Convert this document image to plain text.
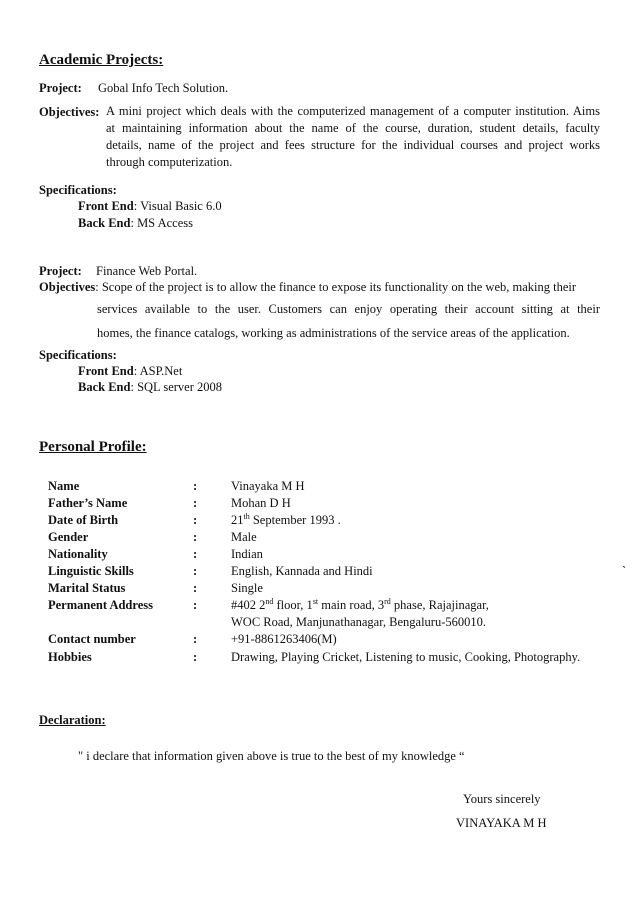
Academic Projects:
Project: Gobal Info Tech Solution.
Objectives: A mini project which deals with the computerized management of a computer institution. Aims
at maintaining information about the name of the course, duration, student details, faculty
details, name of the project and fees structure for the individual courses and project works
through computerization.
Specifications:
Front End: Visual Basic 6.0
Back End: MS Access
Project: Finance Web Portal.
Objectives: Scope of the project is to allow the finance to expose its functionality on the web, making their
services available to the user. Customers can enjoy operating their account sitting at their
homes, the finance catalogs, working as administrations of the service areas of the application.
Specifications:
Front End: ASP.Net
Back End: SQL server 2008
Personal Profile:
Name	:	Vinayaka M H
Father’s Name	:	Mohan D H
Date of Birth	:	21th September 1993 .
Gender	:	Male
Nationality	:	Indian
Linguistic Skills	:	English, Kannada and Hindi	`
Marital Status	:	Single
Permanent Address	:	#402 2nd floor, 1st main road, 3rd phase, Rajajinagar,
WOC Road, Manjunathanagar, Bengaluru-560010.
Contact number	:	+91-8861263406(M)
Hobbies	:	Drawing, Playing Cricket, Listening to music, Cooking, Photography.
Declaration:
" i declare that information given above is true to the best of my knowledge “
Yours sincerely
VINAYAKA M H
